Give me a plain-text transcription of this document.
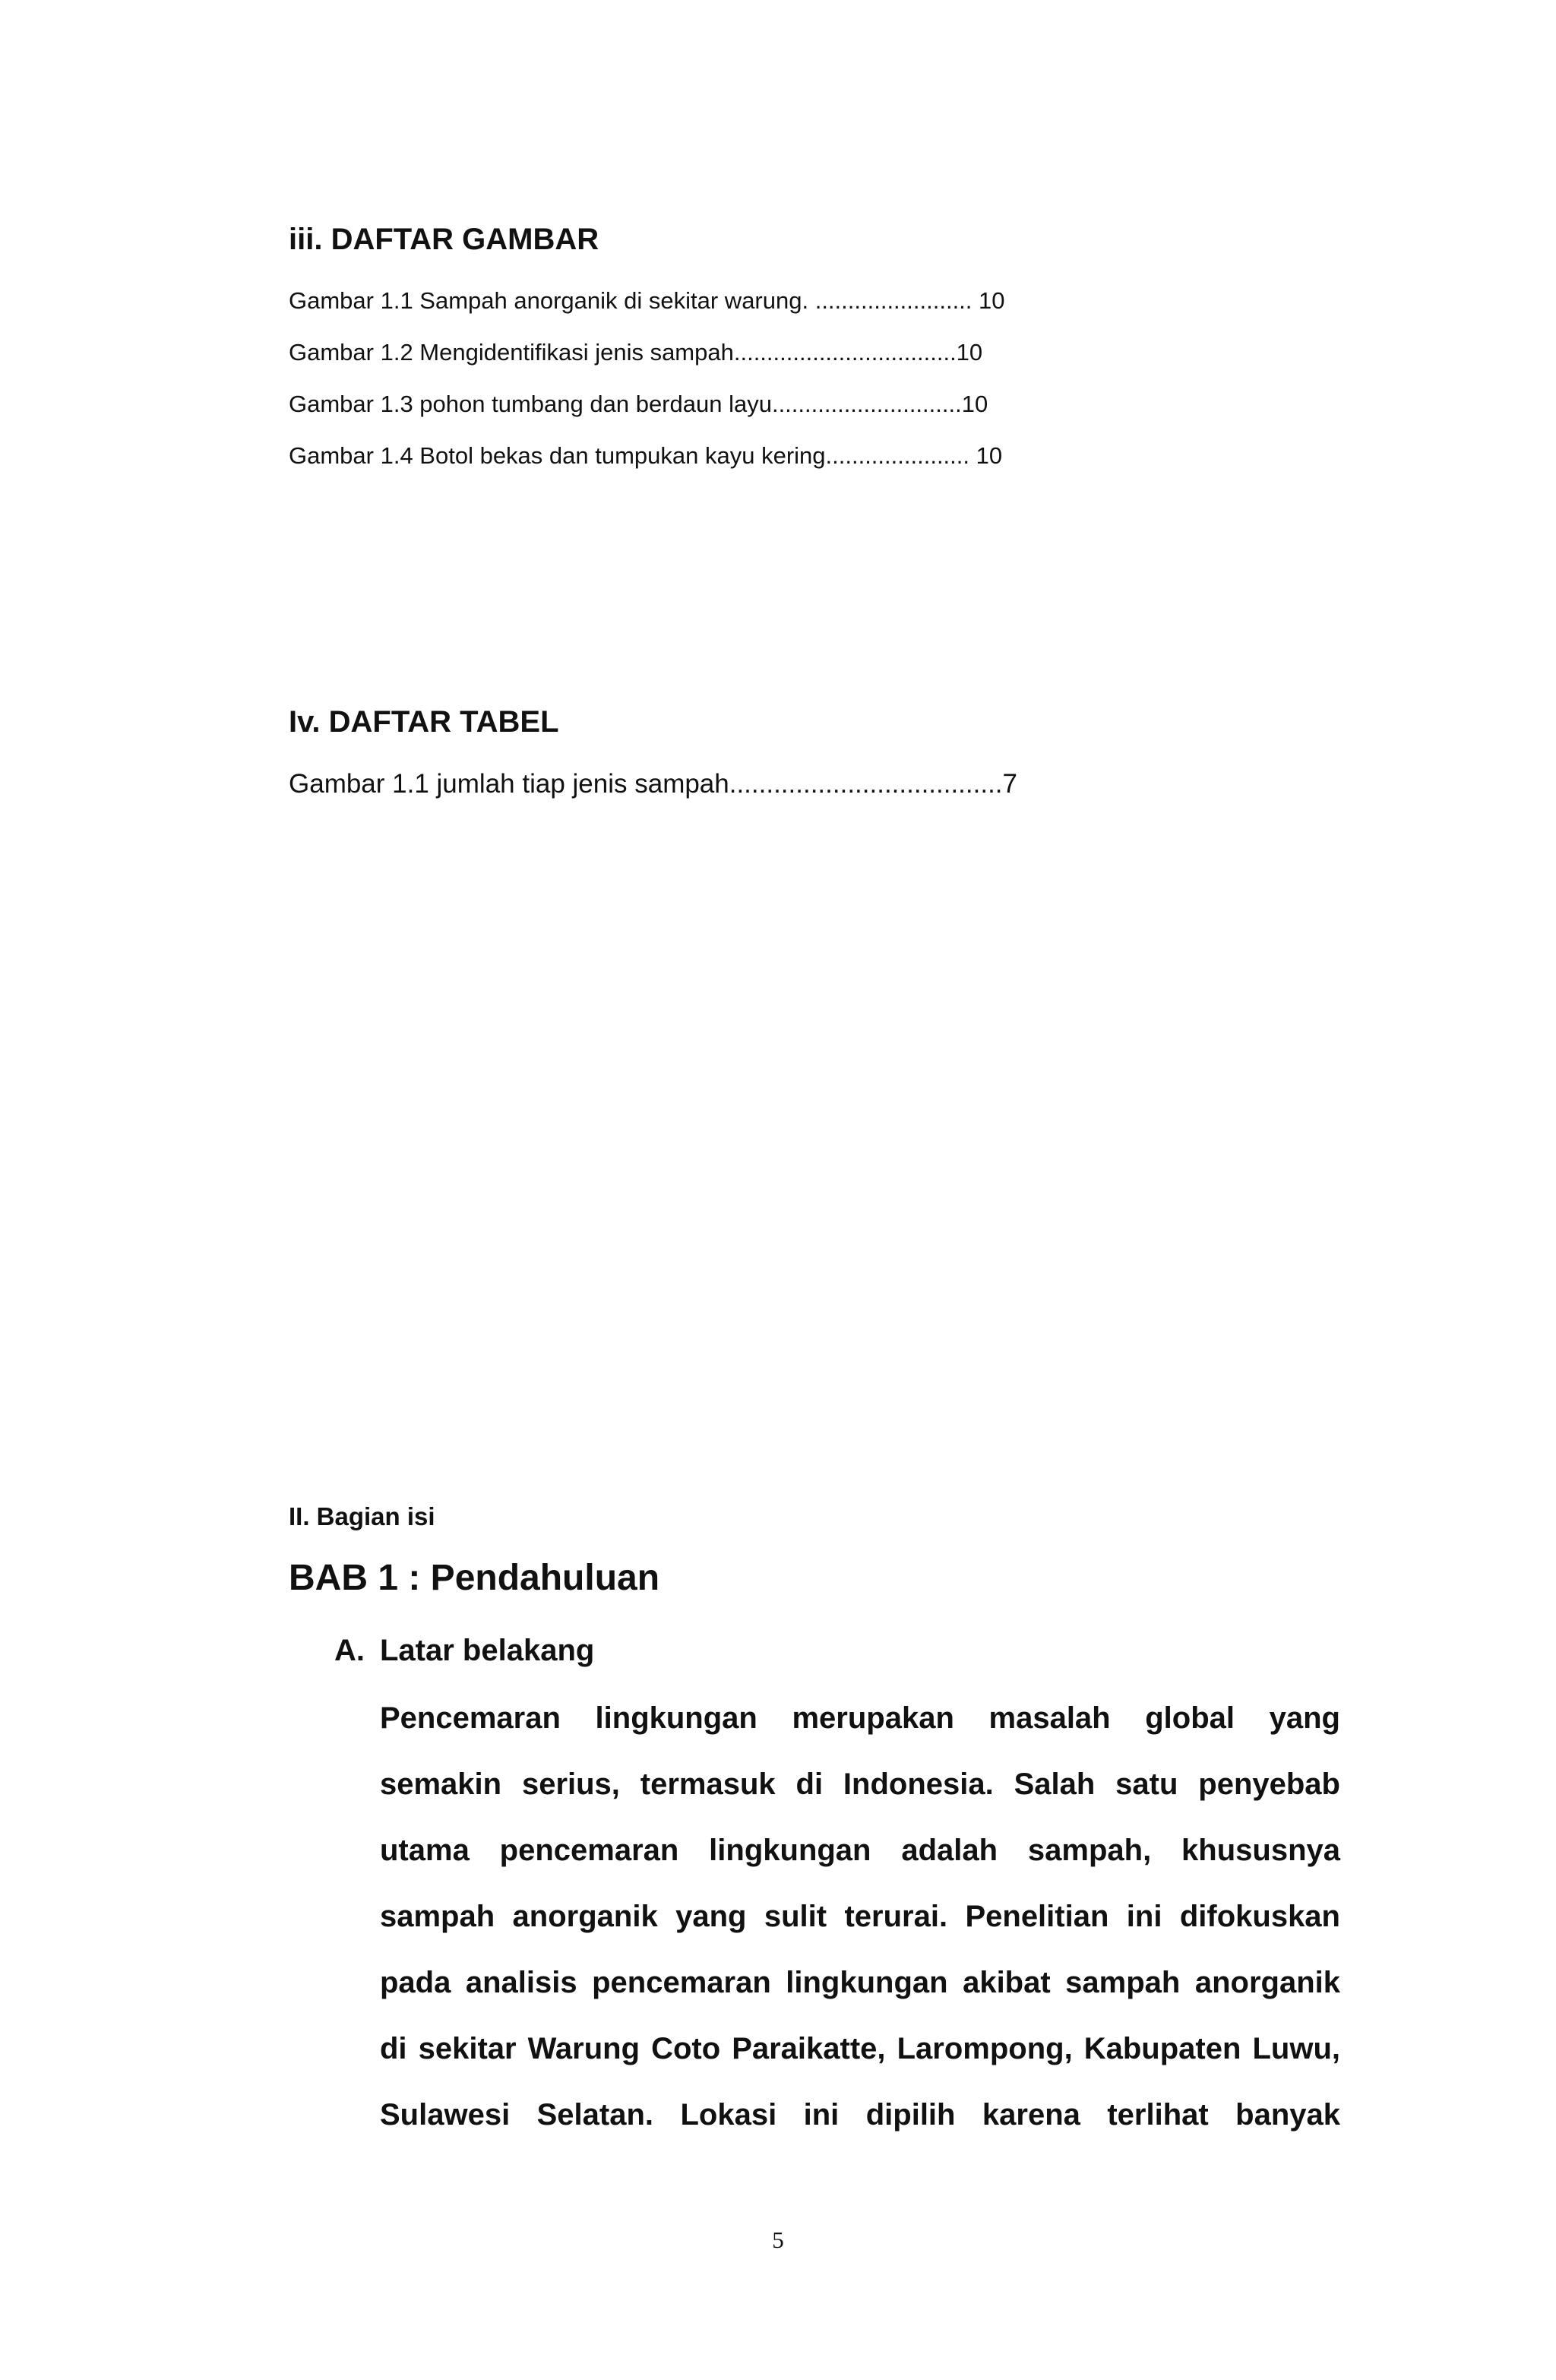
iii. DAFTAR GAMBAR
Gambar 1.1 Sampah anorganik di sekitar warung. ........................ 10
Gambar 1.2 Mengidentifikasi jenis sampah..................................10
Gambar 1.3 pohon tumbang dan berdaun layu.............................10
Gambar 1.4 Botol bekas dan tumpukan kayu kering...................... 10
Iv. DAFTAR TABEL
Gambar 1.1 jumlah tiap jenis sampah.....................................7
II. Bagian isi
BAB 1 : Pendahuluan
A. Latar belakang
Pencemaran lingkungan merupakan masalah global yang
semakin serius, termasuk di Indonesia. Salah satu penyebab
utama pencemaran lingkungan adalah sampah, khususnya
sampah anorganik yang sulit terurai. Penelitian ini difokuskan
pada analisis pencemaran lingkungan akibat sampah anorganik
di sekitar Warung Coto Paraikatte, Larompong, Kabupaten Luwu,
Sulawesi Selatan. Lokasi ini dipilih karena terlihat banyak
5
